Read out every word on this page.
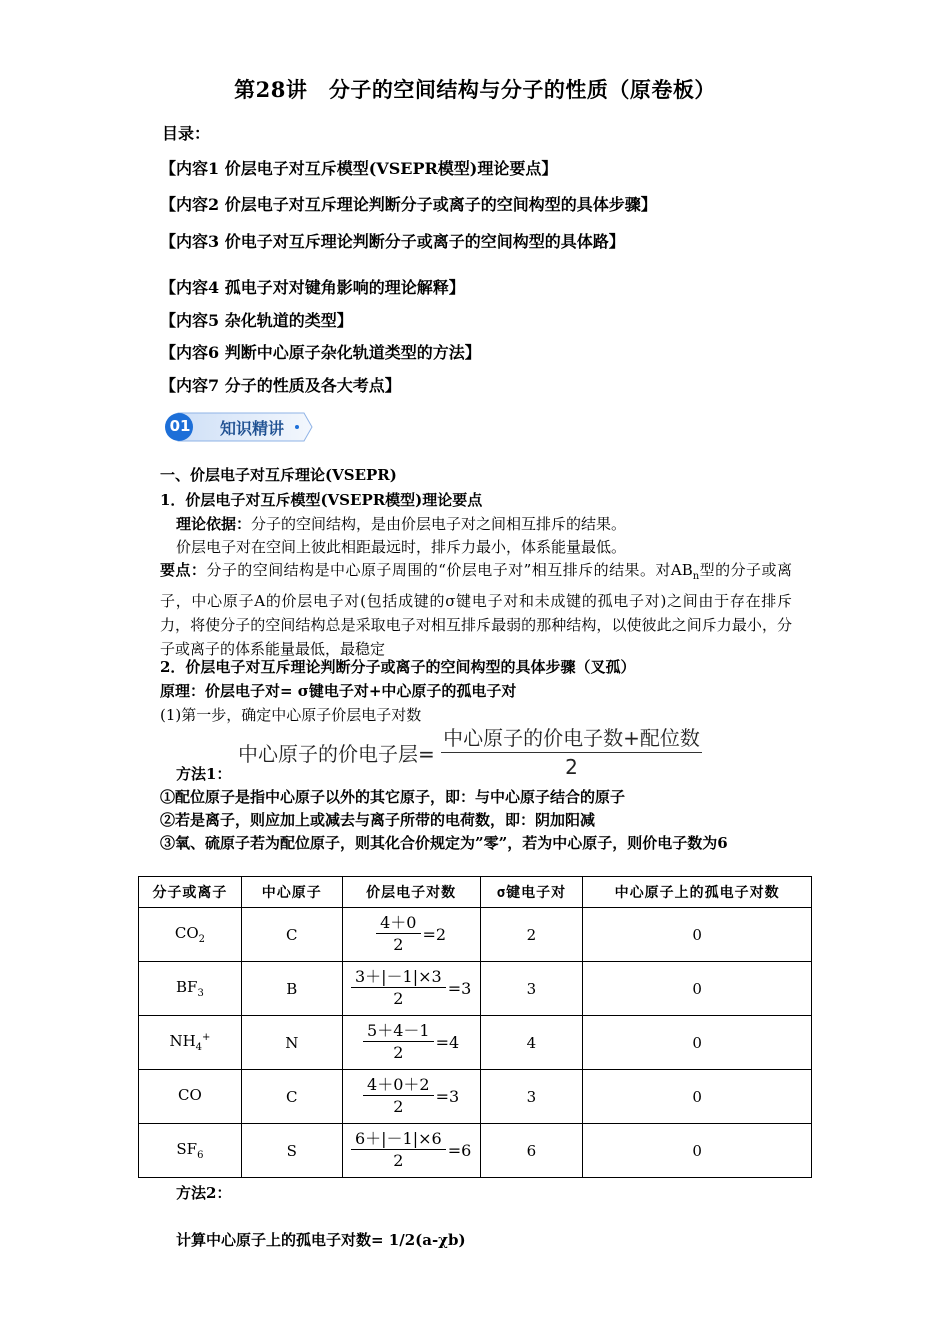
第28讲　分子的空间结构与分子的性质（原卷板）
目录：
【内容1 价层电子对互斥模型(VSEPR模型)理论要点】
【内容2 价层电子对互斥理论判断分子或离子的空间构型的具体步骤】
【内容3 价电子对互斥理论判断分子或离子的空间构型的具体路】
【内容4 孤电子对对键角影响的理论解释】
【内容5 杂化轨道的类型】
【内容6 判断中心原子杂化轨道类型的方法】
【内容7 分子的性质及各大考点】
01 知识精讲
一、价层电子对互斥理论(VSEPR)
1．价层电子对互斥模型(VSEPR模型)理论要点
理论依据：分子的空间结构，是由价层电子对之间相互排斥的结果。
价层电子对在空间上彼此相距最远时，排斥力最小，体系能量最低。
要点：分子的空间结构是中心原子周围的“价层电子对”相互排斥的结果。对$AB_n$型的分子或离子，中心原子A的价层电子对(包括成键的σ键电子对和未成键的孤电子对)之间由于存在排斥力，将使分子的空间结构总是采取电子对相互排斥最弱的那种结构，以使彼此之间斥力最小，分子或离子的体系能量最低，最稳定
2．价层电子对互斥理论判断分子或离子的空间构型的具体步骤（叉孤）
原理：价层电子对= σ键电子对+中心原子的孤电子对
(1)第一步，确定中心原子价层电子对数
中心原子的价电子层=
中心原子的价电子数+配位数
2
方法1：
①配位原子是指中心原子以外的其它原子，即：与中心原子结合的原子
②若是离子，则应加上或减去与离子所带的电荷数，即：阴加阳减
③氧、硫原子若为配位原子，则其化合价规定为”零”，若为中心原子，则价电子数为6
分子或离子	中心原子	价层电子对数	σ键电子对	中心原子上的孤电子对数
$CO_2$	C	$\frac{4+0}{2} =2$	2	0
$BF_3$	B	$\frac{3+|-1|\times 3}{2} =3$	3	0
$NH_4^+$	N	$\frac{5+4-1}{2} =4$	4	0
CO	C	$\frac{4+0+2}{2} =3$	3	0
$SF_6$	S	$\frac{6+|-1|\times 6}{2} =6$	6	0
方法2：
计算中心原子上的孤电子对数= 1/2(a-χb)
